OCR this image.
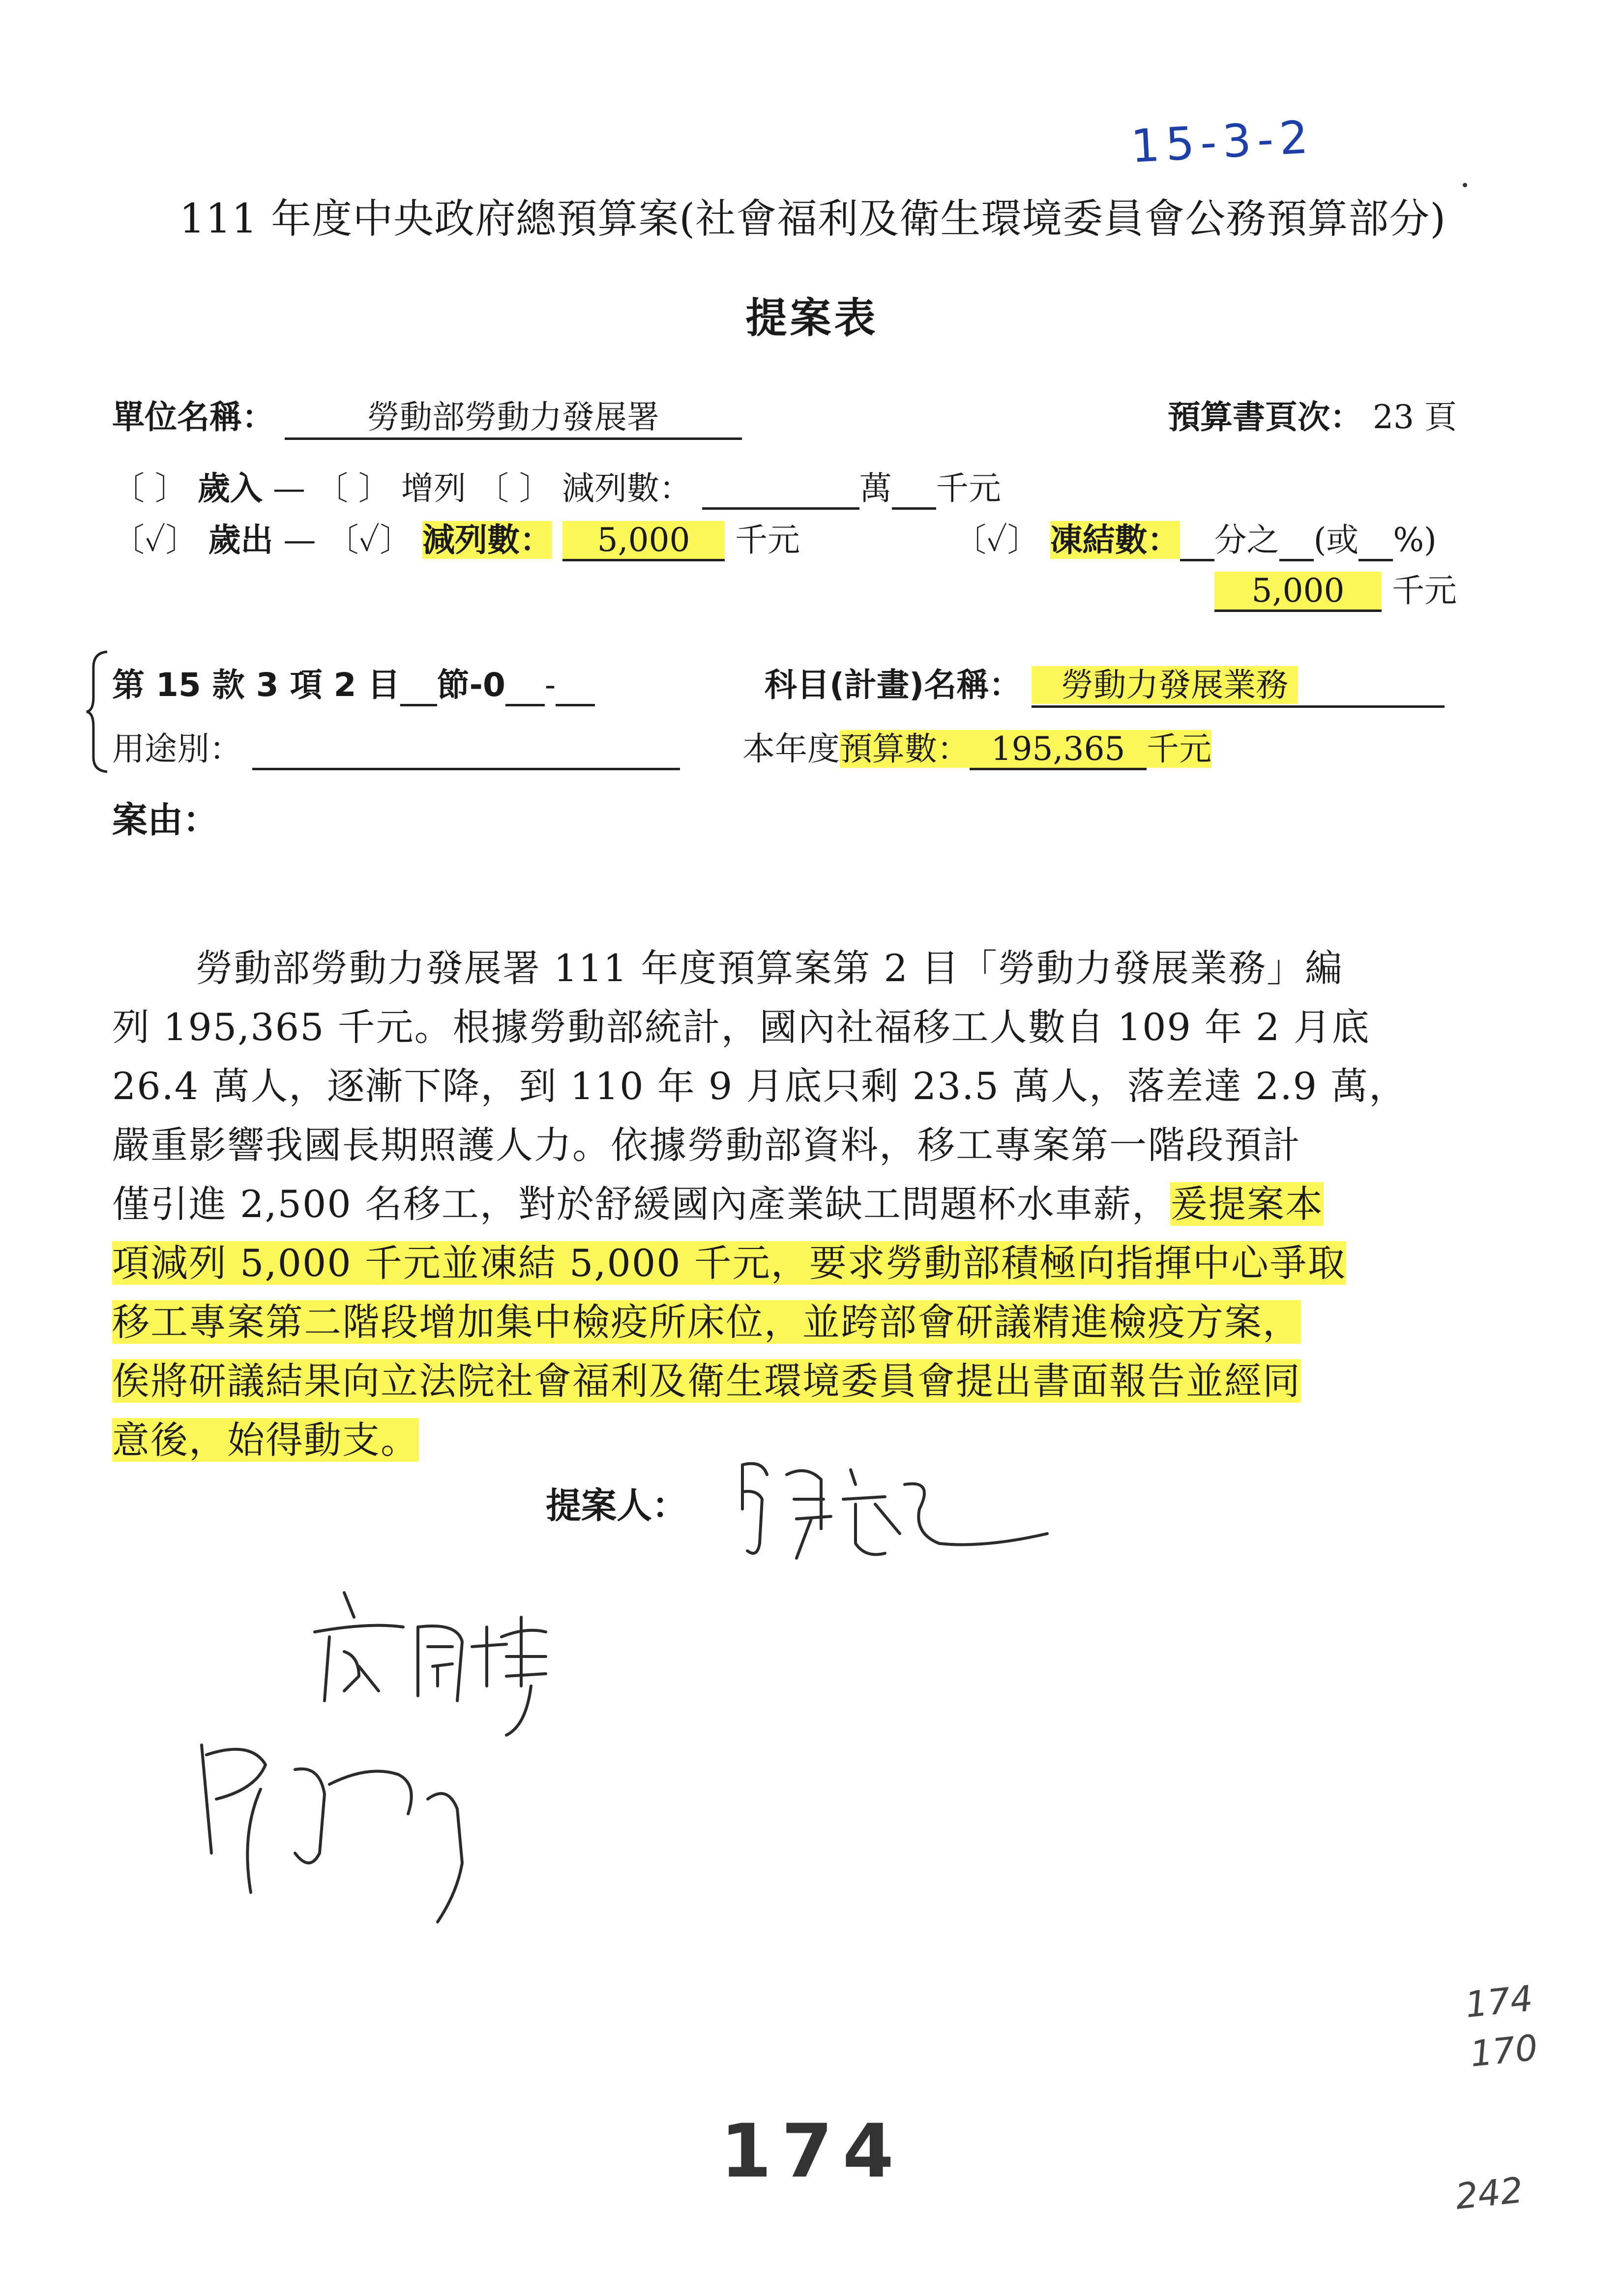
15-3-2
111 年度中央政府總預算案(社會福利及衛生環境委員會公務預算部分)
提案表
單位名稱：	勞動部勞動力發展署	預算書頁次： 23 頁
〔 〕 歲入 — 〔 〕 增列 〔 〕 減列數：	萬 千元
〔✓〕 歲出 — 〔✓〕 減列數： 5,000 千元	〔✓〕 凍結數： 分之 (或 %)
5,000 千元
第 15 款 3 項 2 目 節-0 -	科目(計畫)名稱： 勞動力發展業務
用途別：	本年度預算數： 195,365 千元
案由：
勞動部勞動力發展署 111 年度預算案第 2 目「勞動力發展業務」編
列 195,365 千元。根據勞動部統計，國內社福移工人數自 109 年 2 月底
26.4 萬人，逐漸下降，到 110 年 9 月底只剩 23.5 萬人，落差達 2.9 萬，
嚴重影響我國長期照護人力。依據勞動部資料，移工專案第一階段預計
僅引進 2,500 名移工，對於舒緩國內產業缺工問題杯水車薪，爰提案本
項減列 5,000 千元並凍結 5,000 千元，要求勞動部積極向指揮中心爭取
移工專案第二階段增加集中檢疫所床位，並跨部會研議精進檢疫方案，
俟將研議結果向立法院社會福利及衛生環境委員會提出書面報告並經同
意後，始得動支。
提案人：
174
174
170
242
